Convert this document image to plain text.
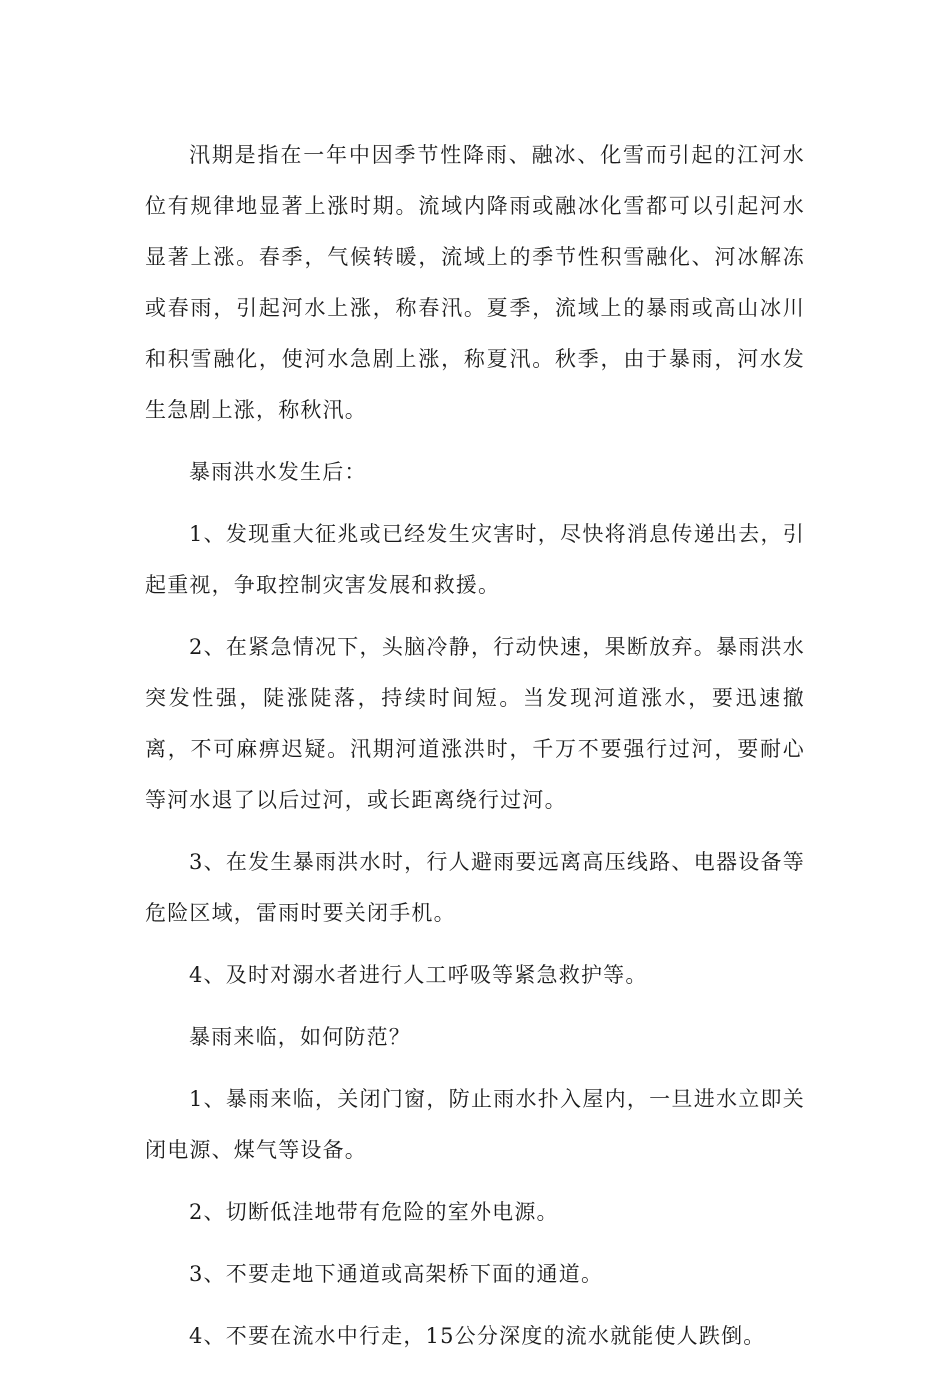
汛期是指在一年中因季节性降雨、融冰、化雪而引起的江河水位有规律地显著上涨时期。流域内降雨或融冰化雪都可以引起河水显著上涨。春季，气候转暖，流域上的季节性积雪融化、河冰解冻或春雨，引起河水上涨，称春汛。夏季，流域上的暴雨或高山冰川和积雪融化，使河水急剧上涨，称夏汛。秋季，由于暴雨，河水发生急剧上涨，称秋汛。

暴雨洪水发生后：

1、发现重大征兆或已经发生灾害时，尽快将消息传递出去，引起重视，争取控制灾害发展和救援。

2、在紧急情况下，头脑冷静，行动快速，果断放弃。暴雨洪水突发性强，陡涨陡落，持续时间短。当发现河道涨水，要迅速撤离，不可麻痹迟疑。汛期河道涨洪时，千万不要强行过河，要耐心等河水退了以后过河，或长距离绕行过河。

3、在发生暴雨洪水时，行人避雨要远离高压线路、电器设备等危险区域，雷雨时要关闭手机。

4、及时对溺水者进行人工呼吸等紧急救护等。

暴雨来临，如何防范？

1、暴雨来临，关闭门窗，防止雨水扑入屋内，一旦进水立即关闭电源、煤气等设备。

2、切断低洼地带有危险的室外电源。

3、不要走地下通道或高架桥下面的通道。

4、不要在流水中行走，15公分深度的流水就能使人跌倒。
